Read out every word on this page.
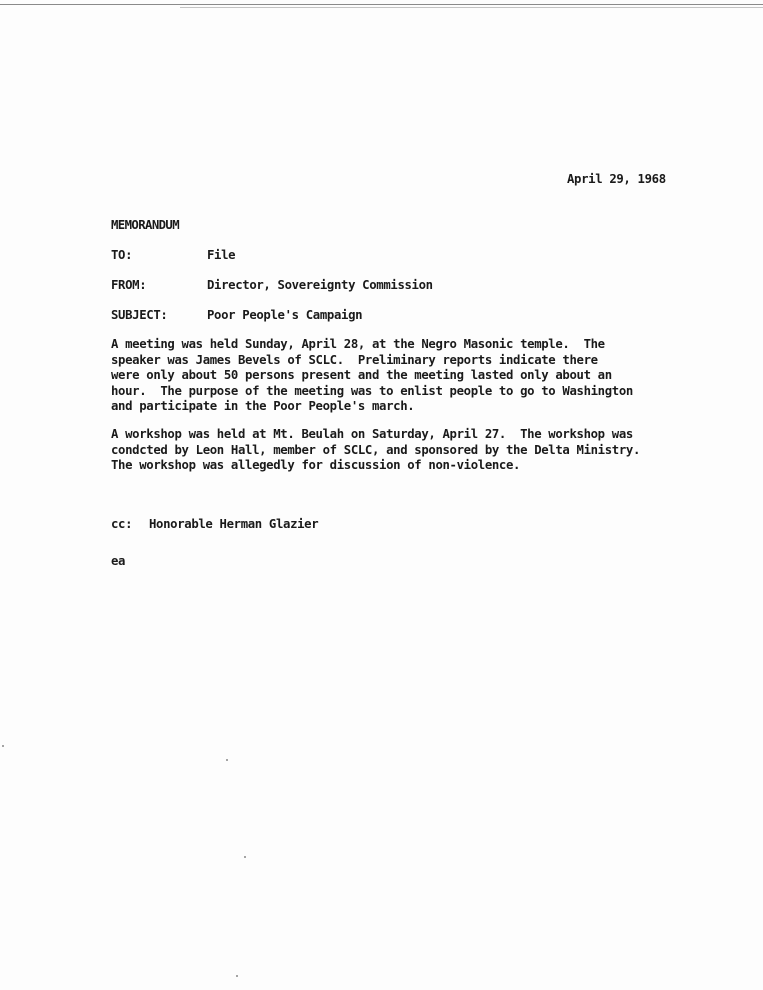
April 29, 1968
MEMORANDUM
TO:	File
FROM:	Director, Sovereignty Commission
SUBJECT:	Poor People's Campaign
A meeting was held Sunday, April 28, at the Negro Masonic temple.  The
speaker was James Bevels of SCLC.  Preliminary reports indicate there
were only about 50 persons present and the meeting lasted only about an
hour.  The purpose of the meeting was to enlist people to go to Washington
and participate in the Poor People's march.
A workshop was held at Mt. Beulah on Saturday, April 27.  The workshop was
condcted by Leon Hall, member of SCLC, and sponsored by the Delta Ministry.
The workshop was allegedly for discussion of non-violence.
cc: Honorable Herman Glazier
ea
